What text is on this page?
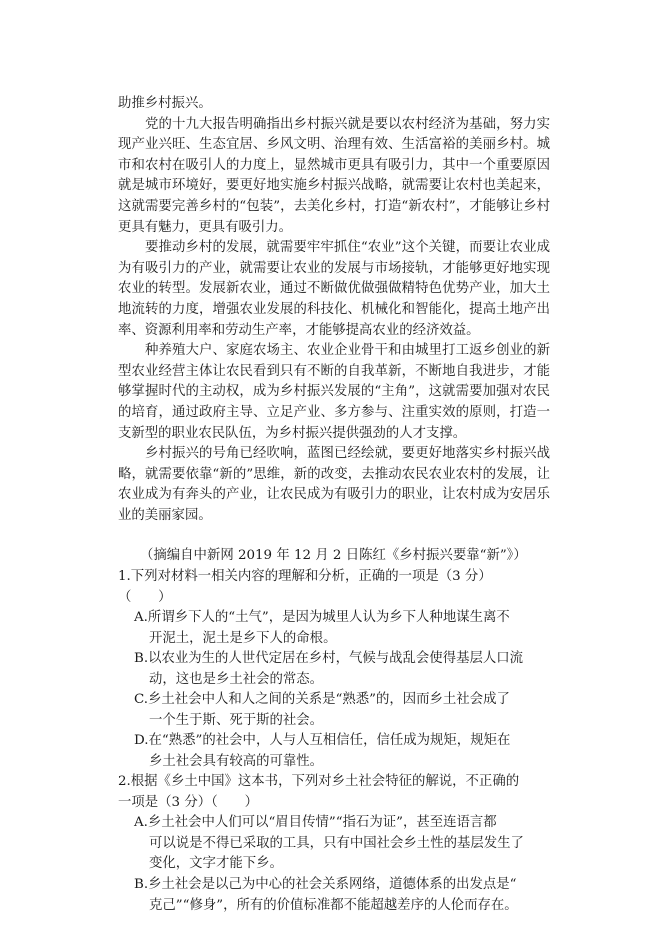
助推乡村振兴。

党的十九大报告明确指出乡村振兴就是要以农村经济为基础，努力实现产业兴旺、生态宜居、乡风文明、治理有效、生活富裕的美丽乡村。城市和农村在吸引人的力度上，显然城市更具有吸引力，其中一个重要原因就是城市环境好，要更好地实施乡村振兴战略，就需要让农村也美起来，这就需要完善乡村的“包装”，去美化乡村，打造“新农村”，才能够让乡村更具有魅力，更具有吸引力。

要推动乡村的发展，就需要牢牢抓住“农业”这个关键，而要让农业成为有吸引力的产业，就需要让农业的发展与市场接轨，才能够更好地实现农业的转型。发展新农业，通过不断做优做强做精特色优势产业，加大土地流转的力度，增强农业发展的科技化、机械化和智能化，提高土地产出率、资源利用率和劳动生产率，才能够提高农业的经济效益。

种养殖大户、家庭农场主、农业企业骨干和由城里打工返乡创业的新型农业经营主体让农民看到只有不断的自我革新，不断地自我进步，才能够掌握时代的主动权，成为乡村振兴发展的“主角”，这就需要加强对农民的培育，通过政府主导、立足产业、多方参与、注重实效的原则，打造一支新型的职业农民队伍，为乡村振兴提供强劲的人才支撑。

乡村振兴的号角已经吹响，蓝图已经绘就，要更好地落实乡村振兴战略，就需要依靠“新的”思维，新的改变，去推动农民农业农村的发展，让农业成为有奔头的产业，让农民成为有吸引力的职业，让农村成为安居乐业的美丽家园。

（摘编自中新网 2019 年 12 月 2 日陈红《乡村振兴要靠“新”》）

1.下列对材料一相关内容的理解和分析，正确的一项是（3 分）
（　　）

A.所谓乡下人的“土气”，是因为城里人认为乡下人种地谋生离不
开泥土，泥土是乡下人的命根。

B.以农业为生的人世代定居在乡村，气候与战乱会使得基层人口流
动，这也是乡土社会的常态。

C.乡土社会中人和人之间的关系是“熟悉”的，因而乡土社会成了
一个生于斯、死于斯的社会。

D.在“熟悉”的社会中，人与人互相信任，信任成为规矩，规矩在
乡土社会具有较高的可靠性。

2.根据《乡土中国》这本书，下列对乡土社会特征的解说，不正确的
一项是（3 分）（　　）

A.乡土社会中人们可以“眉目传情”“指石为证”，甚至连语言都
可以说是不得已采取的工具，只有中国社会乡土性的基层发生了
变化，文字才能下乡。

B.乡土社会是以己为中心的社会关系网络，道德体系的出发点是“
克己”“修身”，所有的价值标准都不能超越差序的人伦而存在。
